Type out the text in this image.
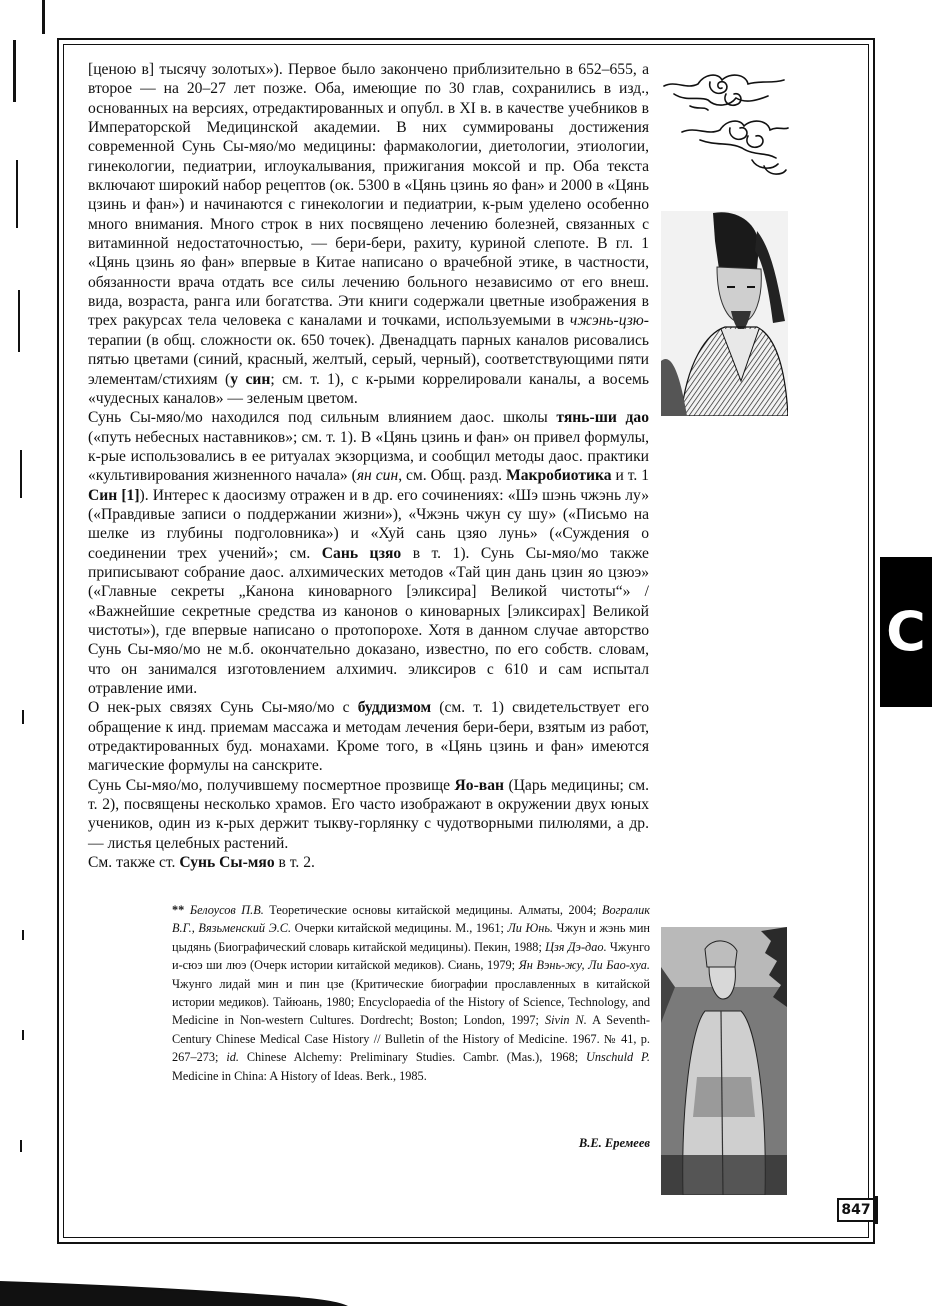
[ценою в] тысячу золотых»). Первое было закончено приблизительно в 652–655, а второе — на 20–27 лет позже. Оба, имеющие по 30 глав, сохранились в изд., основанных на версиях, отредактированных и опубл. в XI в. в качестве учебников в Императорской Медицинской академии. В них суммированы достижения современной Сунь Сы-мяо/мо медицины: фармакологии, диетологии, этиологии, гинекологии, педиатрии, иглоукалывания, прижигания моксой и пр. Оба текста включают широкий набор рецептов (ок. 5300 в «Цянь цзинь яо фан» и 2000 в «Цянь цзинь и фан») и начинаются с гинекологии и педиатрии, к-рым уделено особенно много внимания. Много строк в них посвящено лечению болезней, связанных с витаминной недостаточностью, — бери-бери, рахиту, куриной слепоте. В гл. 1 «Цянь цзинь яо фан» впервые в Китае написано о врачебной этике, в частности, обязанности врача отдать все силы лечению больного независимо от его внеш. вида, возраста, ранга или богатства. Эти книги содержали цветные изображения в трех ракурсах тела человека с каналами и точками, используемыми в чжэнь-цзю-терапии (в общ. сложности ок. 650 точек). Двенадцать парных каналов рисовались пятью цветами (синий, красный, желтый, серый, черный), соответствующими пяти элементам/стихиям (у син; см. т. 1), с к-рыми коррелировали каналы, а восемь «чудесных каналов» — зеленым цветом.

Сунь Сы-мяо/мо находился под сильным влиянием даос. школы тянь-ши дао («путь небесных наставников»; см. т. 1). В «Цянь цзинь и фан» он привел формулы, к-рые использовались в ее ритуалах экзорцизма, и сообщил методы даос. практики «культивирования жизненного начала» (ян син, см. Общ. разд. Макробиотика и т. 1 Син [1]). Интерес к даосизму отражен и в др. его сочинениях: «Шэ шэнь чжэнь лу» («Правдивые записи о поддержании жизни»), «Чжэнь чжун су шу» («Письмо на шелке из глубины подголовника») и «Хуй сань цзяо лунь» («Суждения о соединении трех учений»; см. Сань цзяо в т. 1). Сунь Сы-мяо/мо также приписывают собрание даос. алхимических методов «Тай цин дань цзин яо цзюэ» («Главные секреты „Канона киноварного [эликсира] Великой чистоты“» / «Важнейшие секретные средства из канонов о киноварных [эликсирах] Великой чистоты»), где впервые написано о протопорохе. Хотя в данном случае авторство Сунь Сы-мяо/мо не м.б. окончательно доказано, известно, по его собств. словам, что он занимался изготовлением алхимич. эликсиров с 610 и сам испытал отравление ими.

О нек-рых связях Сунь Сы-мяо/мо с буддизмом (см. т. 1) свидетельствует его обращение к инд. приемам массажа и методам лечения бери-бери, взятым из работ, отредактированных буд. монахами. Кроме того, в «Цянь цзинь и фан» имеются магические формулы на санскрите.

Сунь Сы-мяо/мо, получившему посмертное прозвище Яо-ван (Царь медицины; см. т. 2), посвящены несколько храмов. Его часто изображают в окружении двух юных учеников, один из к-рых держит тыкву-горлянку с чудотворными пилюлями, а др. — листья целебных растений.

См. также ст. Сунь Сы-мяо в т. 2.

** Белоусов П.В. Теоретические основы китайской медицины. Алматы, 2004; Вогралик В.Г., Вязьменский Э.С. Очерки китайской медицины. М., 1961; Ли Юнь. Чжун и жэнь мин цыдянь (Биографический словарь китайской медицины). Пекин, 1988; Цзя Дэ-дао. Чжунго и-сюэ ши люэ (Очерк истории китайской медиков). Сиань, 1979; Ян Вэнь-жу, Ли Бао-хуа. Чжунго лидай мин и пин цзе (Критические биографии прославленных в китайской истории медиков). Тайюань, 1980; Encyclopaedia of the History of Science, Technology, and Medicine in Non-western Cultures. Dordrecht; Boston; London, 1997; Sivin N. A Seventh-Century Chinese Medical Case History // Bulletin of the History of Medicine. 1967. № 41, p. 267–273; id. Chinese Alchemy: Preliminary Studies. Cambr. (Mas.), 1968; Unschuld P. Medicine in China: A History of Ideas. Berk., 1985.
В.Е. Еремеев
С
847
